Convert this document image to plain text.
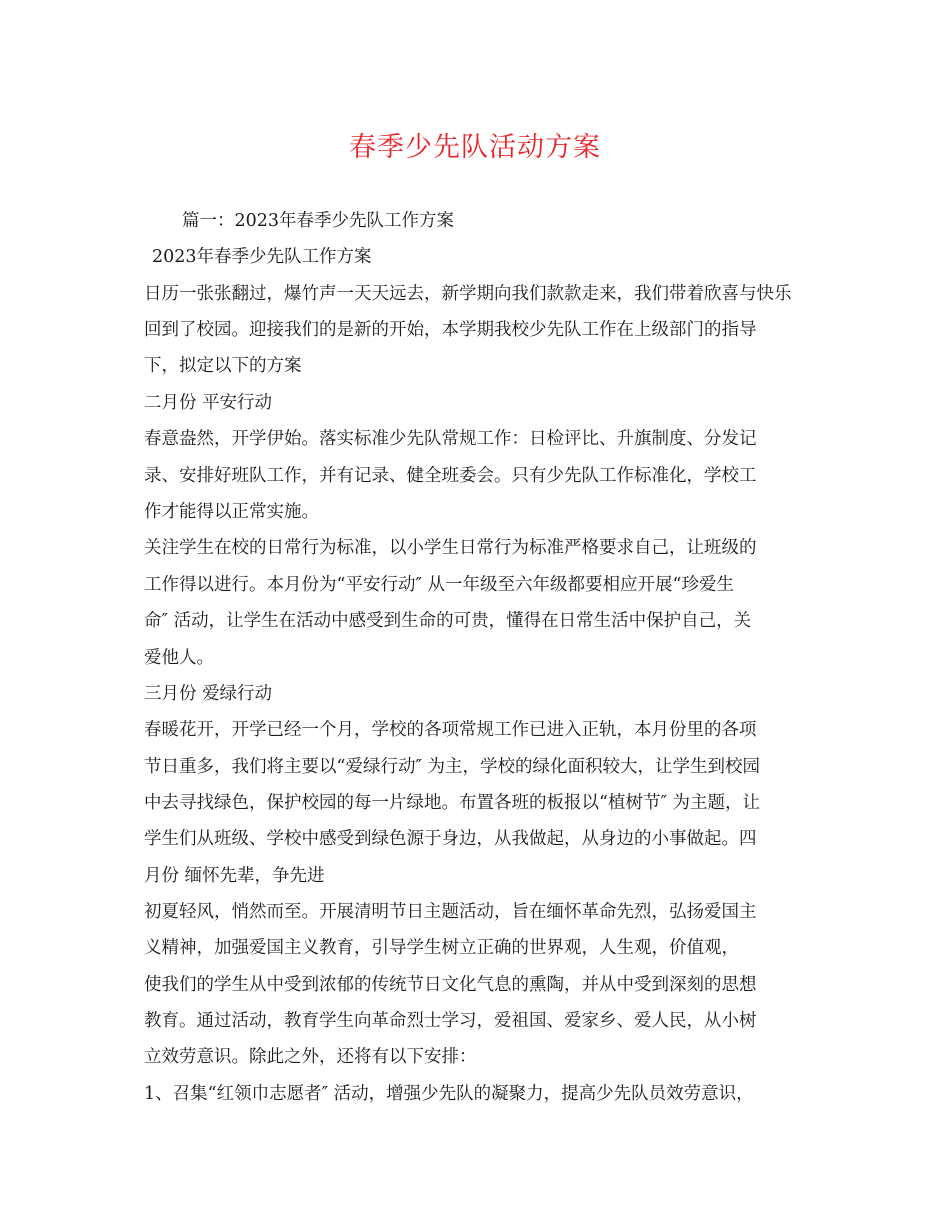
春季少先队活动方案
篇一：2023年春季少先队工作方案
2023年春季少先队工作方案
日历一张张翻过，爆竹声一天天远去，新学期向我们款款走来，我们带着欣喜与快乐
回到了校园。迎接我们的是新的开始，本学期我校少先队工作在上级部门的指导
下，拟定以下的方案
二月份 平安行动
春意盎然，开学伊始。落实标准少先队常规工作：日检评比、升旗制度、分发记
录、安排好班队工作，并有记录、健全班委会。只有少先队工作标准化，学校工
作才能得以正常实施。
关注学生在校的日常行为标准，以小学生日常行为标准严格要求自己，让班级的
工作得以进行。本月份为“平安行动″ 从一年级至六年级都要相应开展“珍爱生
命″ 活动，让学生在活动中感受到生命的可贵，懂得在日常生活中保护自己，关
爱他人。
三月份 爱绿行动
春暖花开，开学已经一个月，学校的各项常规工作已进入正轨，本月份里的各项
节日重多，我们将主要以“爱绿行动″ 为主，学校的绿化面积较大，让学生到校园
中去寻找绿色，保护校园的每一片绿地。布置各班的板报以“植树节″ 为主题，让
学生们从班级、学校中感受到绿色源于身边，从我做起，从身边的小事做起。四
月份 缅怀先辈，争先进
初夏轻风，悄然而至。开展清明节日主题活动，旨在缅怀革命先烈，弘扬爱国主
义精神，加强爱国主义教育，引导学生树立正确的世界观，人生观，价值观，
使我们的学生从中受到浓郁的传统节日文化气息的熏陶，并从中受到深刻的思想
教育。通过活动，教育学生向革命烈士学习，爱祖国、爱家乡、爱人民，从小树
立效劳意识。除此之外，还将有以下安排：
1、召集“红领巾志愿者″ 活动，增强少先队的凝聚力，提高少先队员效劳意识，
